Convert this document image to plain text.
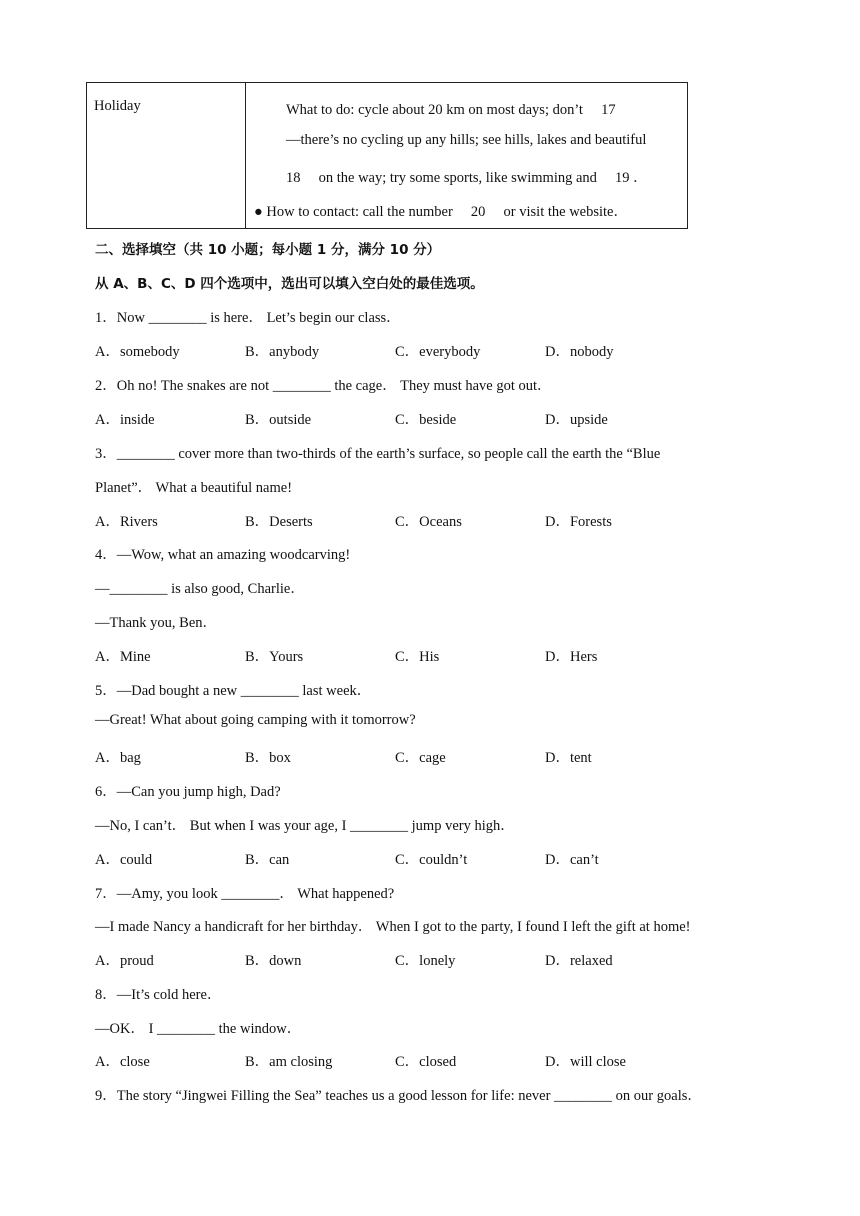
Holiday	What to do: cycle about 20 km on most days; don’t 　17
—there’s no cycling up any hills; see hills, lakes and beautiful
18 　on the way; try some sports, like swimming and 　19 ．
● How to contact: call the number 　20 　or visit the website．
二、选择填空（共 10 小题；每小题 1 分，满分 10 分）
从 A、B、C、D 四个选项中，选出可以填入空白处的最佳选项。
1．Now ________ is here． Let’s begin our class．
A．somebody	B．anybody	C．everybody	D．nobody
2．Oh no! The snakes are not ________ the cage． They must have got out．
A．inside	B．outside	C．beside	D．upside
3．________ cover more than two-thirds of the earth’s surface, so people call the earth the “Blue
Planet”． What a beautiful name!
A．Rivers	B．Deserts	C．Oceans	D．Forests
4．—Wow, what an amazing woodcarving!
—________ is also good, Charlie．
—Thank you, Ben．
A．Mine	B．Yours	C．His	D．Hers
5．—Dad bought a new ________ last week．
—Great! What about going camping with it tomorrow?
A．bag	B．box	C．cage	D．tent
6．—Can you jump high, Dad?
—No, I can’t． But when I was your age, I ________ jump very high．
A．could	B．can	C．couldn’t	D．can’t
7．—Amy, you look ________． What happened?
—I made Nancy a handicraft for her birthday． When I got to the party, I found I left the gift at home!
A．proud	B．down	C．lonely	D．relaxed
8．—It’s cold here．
—OK． I ________ the window．
A．close	B．am closing	C．closed	D．will close
9．The story “Jingwei Filling the Sea” teaches us a good lesson for life: never ________ on our goals．
